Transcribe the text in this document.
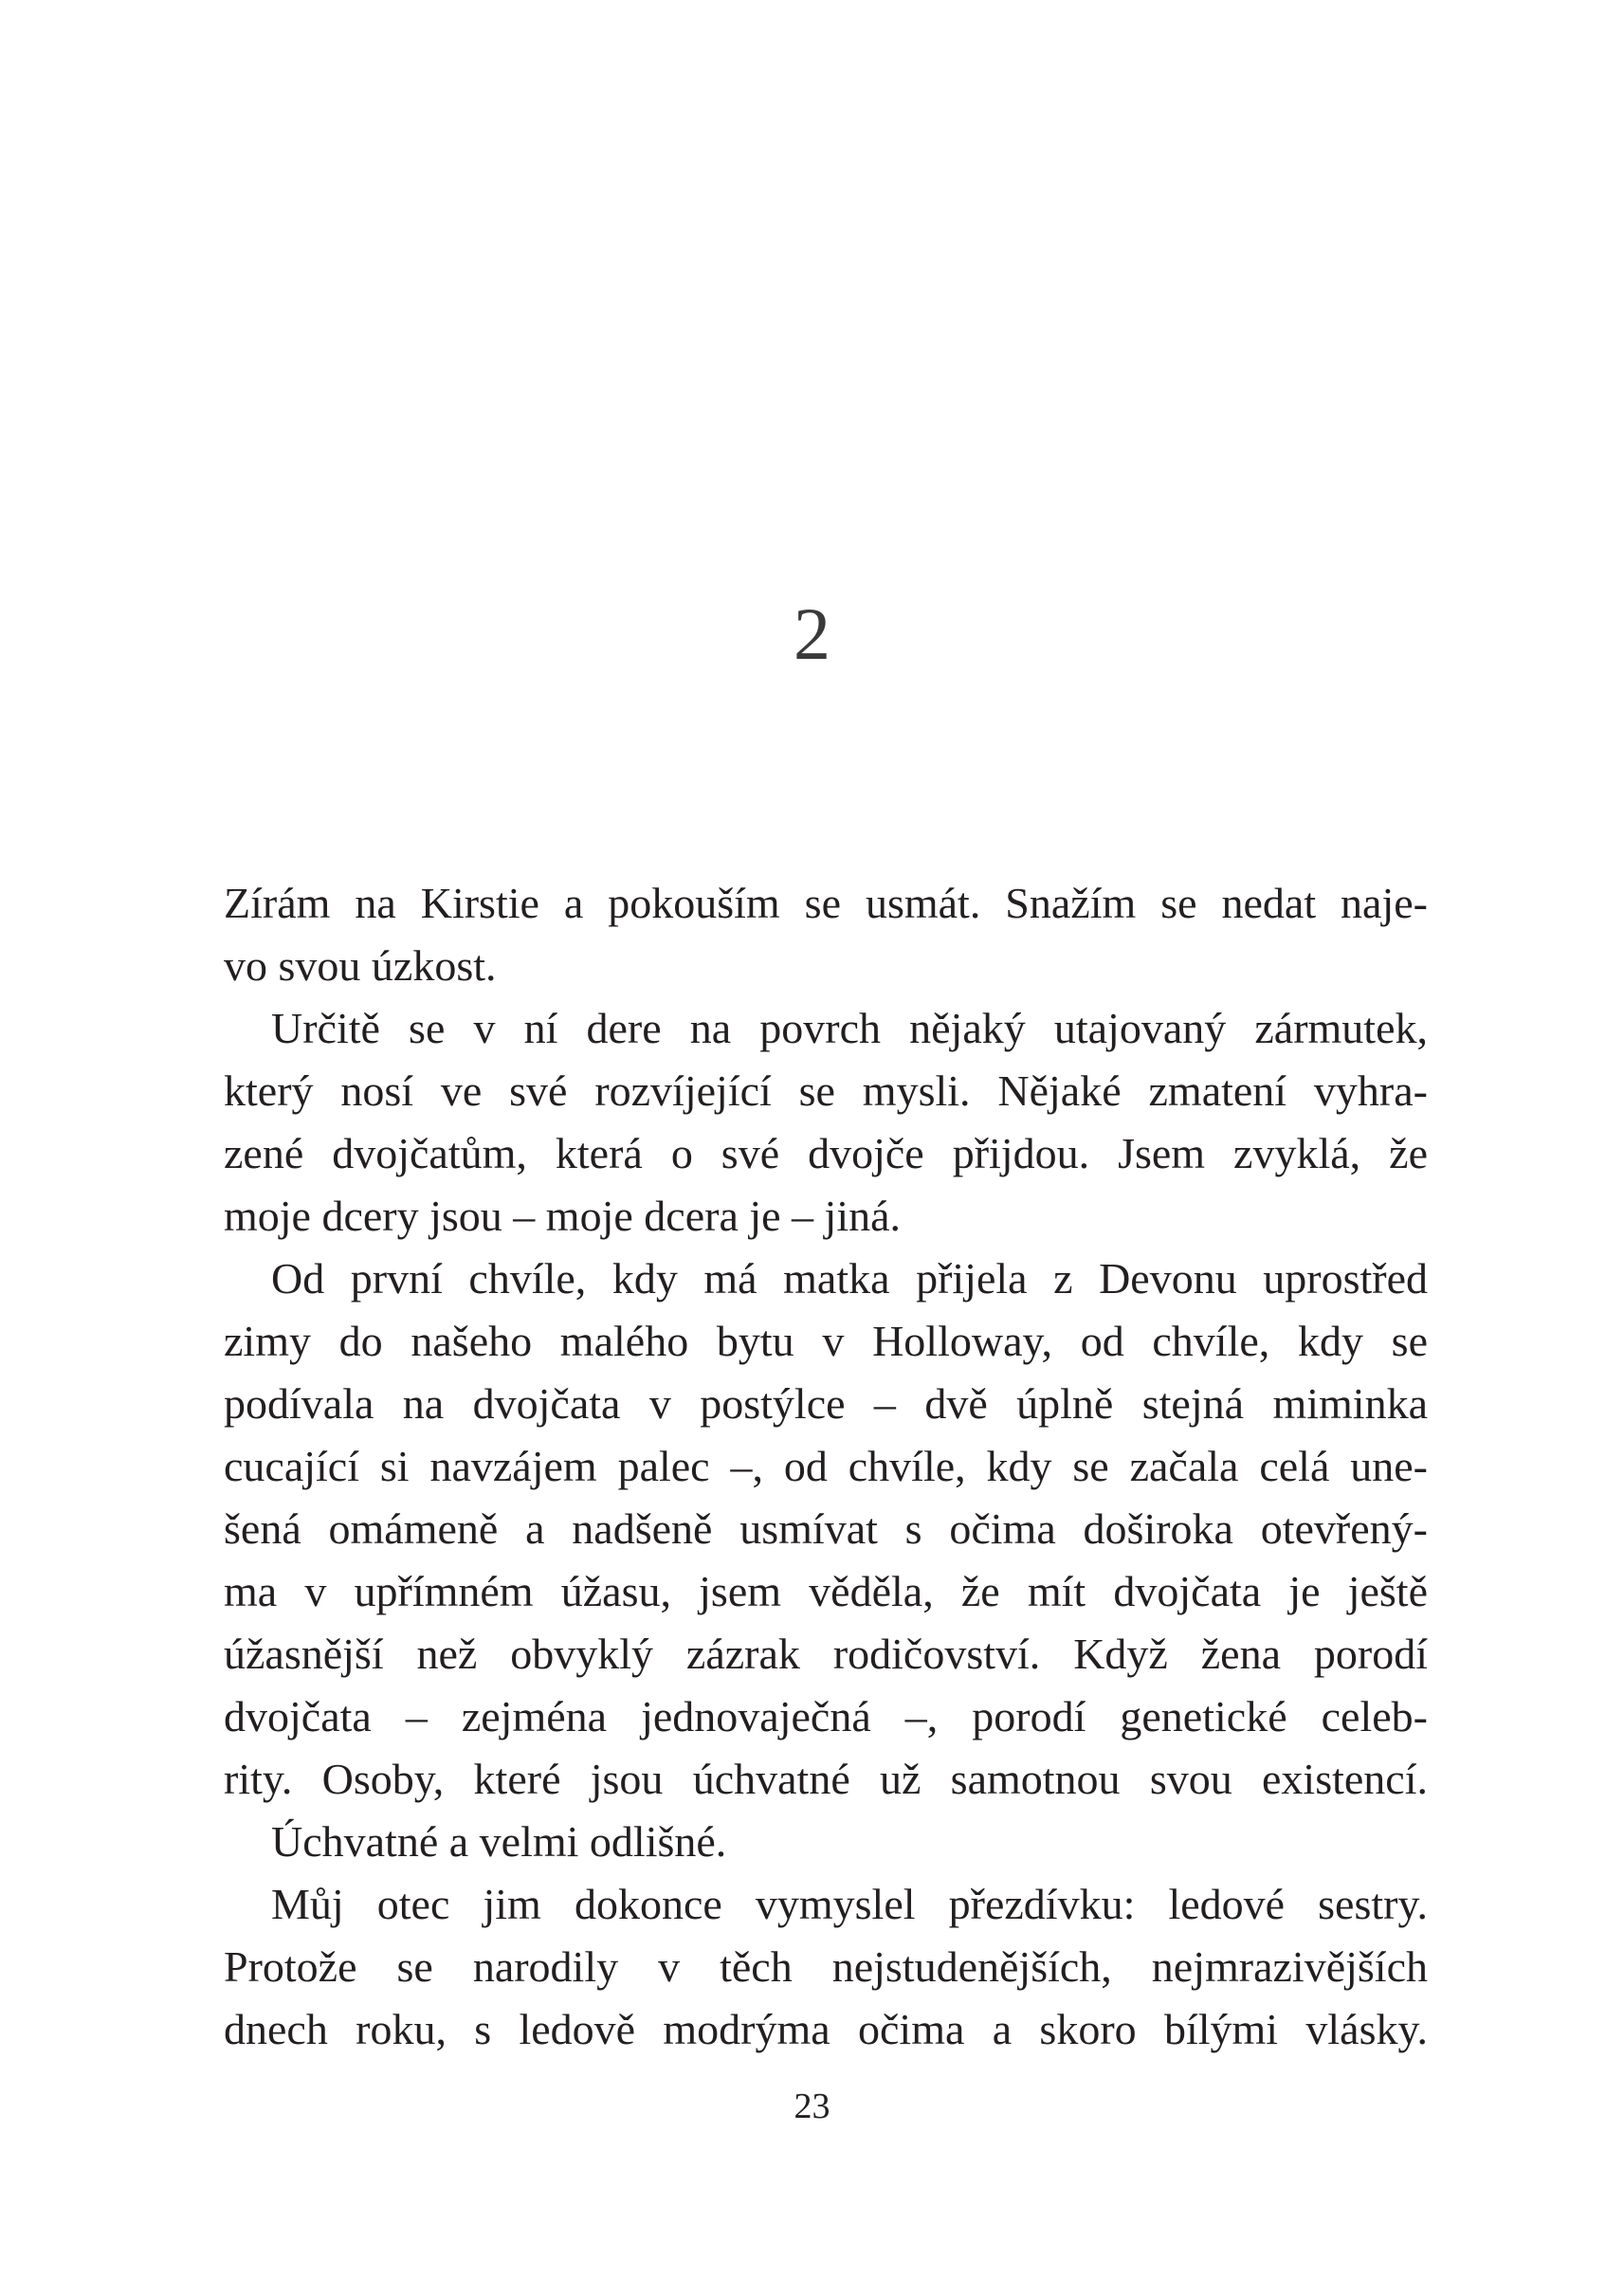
2
Zírám na Kirstie a pokouším se usmát. Snažím se nedat naje-
vo svou úzkost.
Určitě se v ní dere na povrch nějaký utajovaný zármutek,
který nosí ve své rozvíjející se mysli. Nějaké zmatení vyhra-
zené dvojčatům, která o své dvojče přijdou. Jsem zvyklá, že
moje dcery jsou – moje dcera je – jiná.
Od první chvíle, kdy má matka přijela z Devonu uprostřed
zimy do našeho malého bytu v Holloway, od chvíle, kdy se
podívala na dvojčata v postýlce – dvě úplně stejná miminka
cucající si navzájem palec –, od chvíle, kdy se začala celá une-
šená omámeně a nadšeně usmívat s očima doširoka otevřený-
ma v upřímném úžasu, jsem věděla, že mít dvojčata je ještě
úžasnější než obvyklý zázrak rodičovství. Když žena porodí
dvojčata – zejména jednovaječná –, porodí genetické celeb-
rity. Osoby, které jsou úchvatné už samotnou svou existencí.
Úchvatné a velmi odlišné.
Můj otec jim dokonce vymyslel přezdívku: ledové sestry.
Protože se narodily v těch nejstudenějších, nejmrazivějších
dnech roku, s ledově modrýma očima a skoro bílými vlásky.
23
